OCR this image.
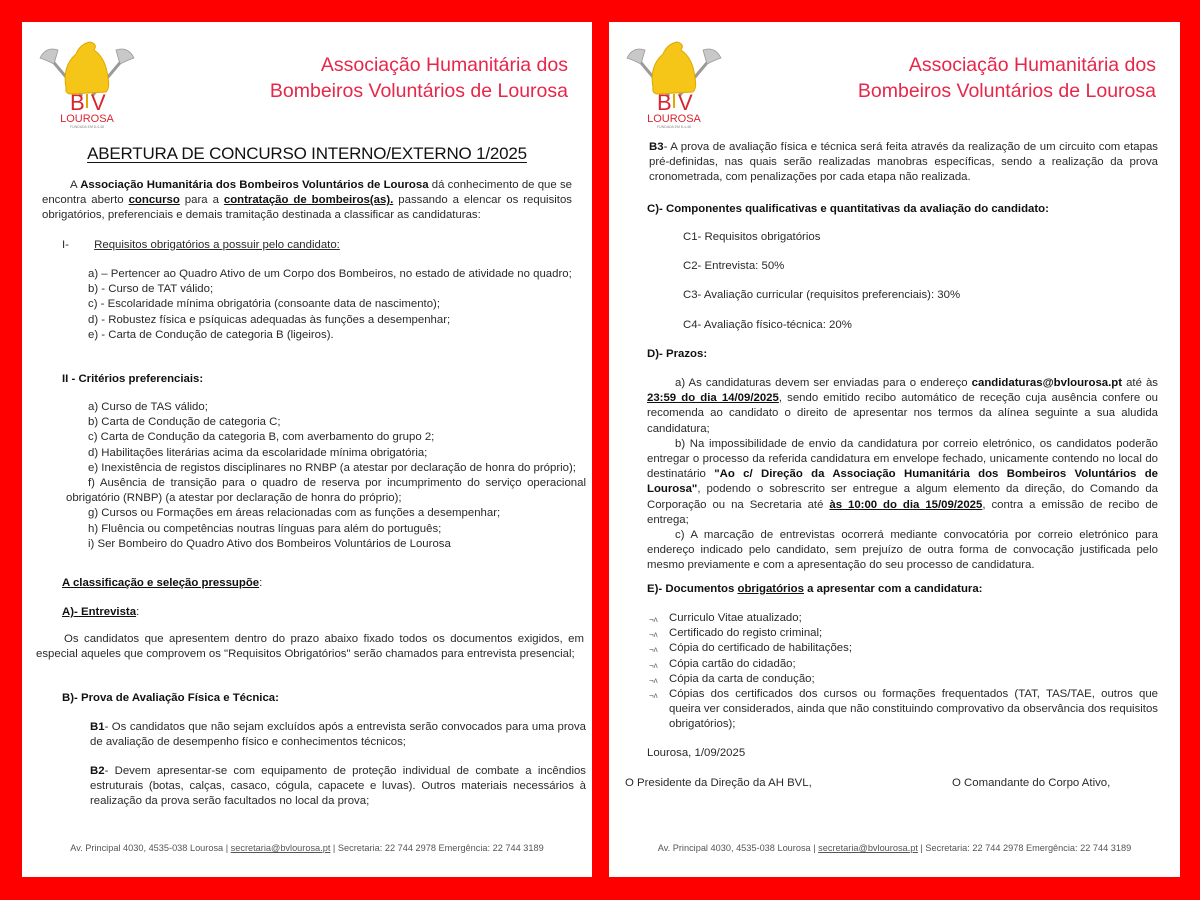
B V
LOUROSA
FUNDADA EM 8-4-48
Associação Humanitária dos
Bombeiros Voluntários de Lourosa
ABERTURA DE CONCURSO INTERNO/EXTERNO 1/2025

A Associação Humanitária dos Bombeiros Voluntários de Lourosa dá conhecimento de que se encontra aberto concurso para a contratação de bombeiros(as). passando a elencar os requisitos obrigatórios, preferenciais e demais tramitação destinada a classificar as candidaturas:

I- Requisitos obrigatórios a possuir pelo candidato:

a) – Pertencer ao Quadro Ativo de um Corpo dos Bombeiros, no estado de atividade no quadro;

b) - Curso de TAT válido;

c) - Escolaridade mínima obrigatória (consoante data de nascimento);

d) - Robustez física e psíquicas adequadas às funções a desempenhar;

e) - Carta de Condução de categoria B (ligeiros).

II - Critérios preferenciais:

a) Curso de TAS válido;

b) Carta de Condução de categoria C;

c) Carta de Condução da categoria B, com averbamento do grupo 2;

d) Habilitações literárias acima da escolaridade mínima obrigatória;

e) Inexistência de registos disciplinares no RNBP (a atestar por declaração de honra do próprio);

f) Ausência de transição para o quadro de reserva por incumprimento do serviço operacional obrigatório (RNBP) (a atestar por declaração de honra do próprio);

g) Cursos ou Formações em áreas relacionadas com as funções a desempenhar;

h) Fluência ou competências noutras línguas para além do português;

i) Ser Bombeiro do Quadro Ativo dos Bombeiros Voluntários de Lourosa

A classificação e seleção pressupõe:
A)- Entrevista:

Os candidatos que apresentem dentro do prazo abaixo fixado todos os documentos exigidos, em especial aqueles que comprovem os "Requisitos Obrigatórios" serão chamados para entrevista presencial;

B)- Prova de Avaliação Física e Técnica:

B1- Os candidatos que não sejam excluídos após a entrevista serão convocados para uma prova de avaliação de desempenho físico e conhecimentos técnicos;

B2- Devem apresentar-se com equipamento de proteção individual de combate a incêndios estruturais (botas, calças, casaco, cógula, capacete e luvas). Outros materiais necessários à realização da prova serão facultados no local da prova;

Av. Principal 4030, 4535-038 Lourosa | secretaria@bvlourosa.pt | Secretaria: 22 744 2978 Emergência: 22 744 3189
B V
LOUROSA
FUNDADA EM 8-4-48
Associação Humanitária dos
Bombeiros Voluntários de Lourosa

B3- A prova de avaliação física e técnica será feita através da realização de um circuito com etapas pré-definidas, nas quais serão realizadas manobras específicas, sendo a realização da prova cronometrada, com penalizações por cada etapa não realizada.

C)- Componentes qualificativas e quantitativas da avaliação do candidato:

C1- Requisitos obrigatórios

C2- Entrevista: 50%

C3- Avaliação curricular (requisitos preferenciais): 30%

C4- Avaliação físico-técnica: 20%

D)- Prazos:

a) As candidaturas devem ser enviadas para o endereço candidaturas@bvlourosa.pt até às 23:59 do dia 14/09/2025, sendo emitido recibo automático de receção cuja ausência confere ou recomenda ao candidato o direito de apresentar nos termos da alínea seguinte a sua aludida candidatura;

b) Na impossibilidade de envio da candidatura por correio eletrónico, os candidatos poderão entregar o processo da referida candidatura em envelope fechado, unicamente contendo no local do destinatário "Ao c/ Direção da Associação Humanitária dos Bombeiros Voluntários de Lourosa", podendo o sobrescrito ser entregue a algum elemento da direção, do Comando da Corporação ou na Secretaria até às 10:00 do dia 15/09/2025, contra a emissão de recibo de entrega;

c) A marcação de entrevistas ocorrerá mediante convocatória por correio eletrónico para endereço indicado pelo candidato, sem prejuízo de outra forma de convocação justificada pelo mesmo previamente e com a apresentação do seu processo de candidatura.

E)- Documentos obrigatórios a apresentar com a candidatura:
¬ʌ Curriculo Vitae atualizado;
¬ʌ Certificado do registo criminal;
¬ʌ Cópia do certificado de habilitações;
¬ʌ Cópia cartão do cidadão;
¬ʌ Cópia da carta de condução;
¬ʌ Cópias dos certificados dos cursos ou formações frequentados (TAT, TAS/TAE, outros que queira ver considerados, ainda que não constituindo comprovativo da observância dos requisitos obrigatórios);
Lourosa, 1/09/2025
O Presidente da Direção da AH BVL,	O Comandante do Corpo Ativo,
Av. Principal 4030, 4535-038 Lourosa | secretaria@bvlourosa.pt | Secretaria: 22 744 2978 Emergência: 22 744 3189
